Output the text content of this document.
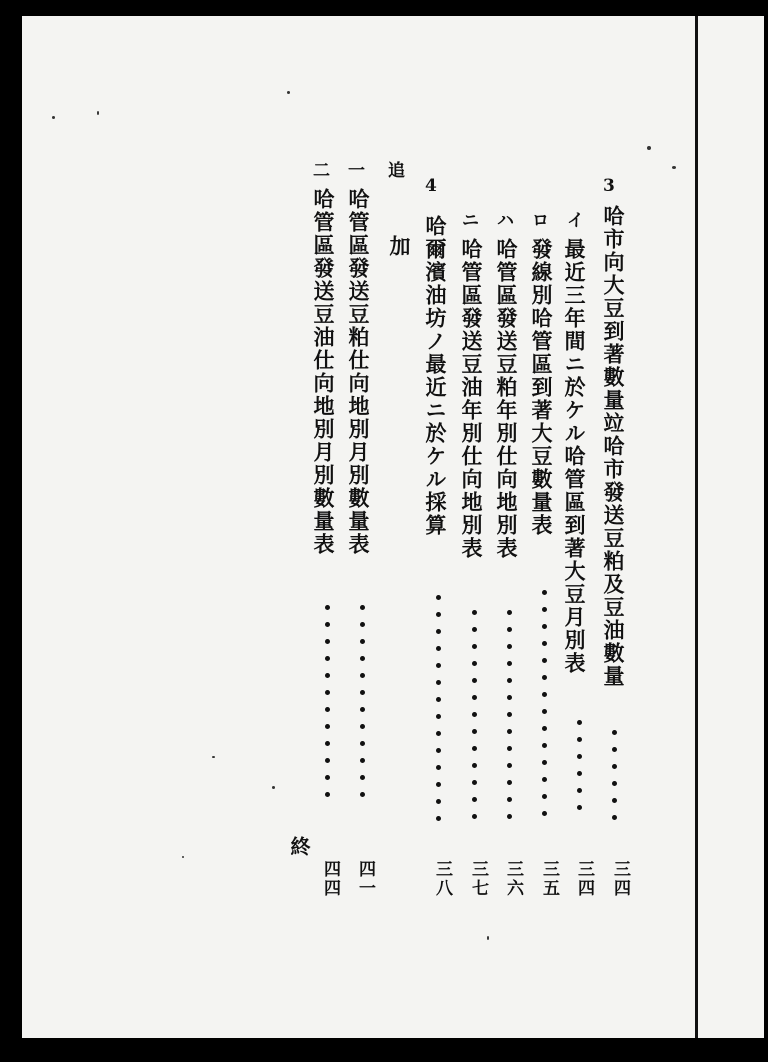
3
哈市向大豆到著數量竝哈市發送豆粕及豆油數量
三四
イ
最近三年間ニ於ケル哈管區到著大豆月別表
三四
ロ
發線別哈管區到著大豆數量表
三五
ハ
哈管區發送豆粕年別仕向地別表
三六
ニ
哈管區發送豆油年別仕向地別表
三七
4
哈爾濱油坊ノ最近ニ於ケル採算
三八
追
加
一
哈管區發送豆粕仕向地別月別數量表
四一
二
哈管區發送豆油仕向地別月別數量表
四四
終
